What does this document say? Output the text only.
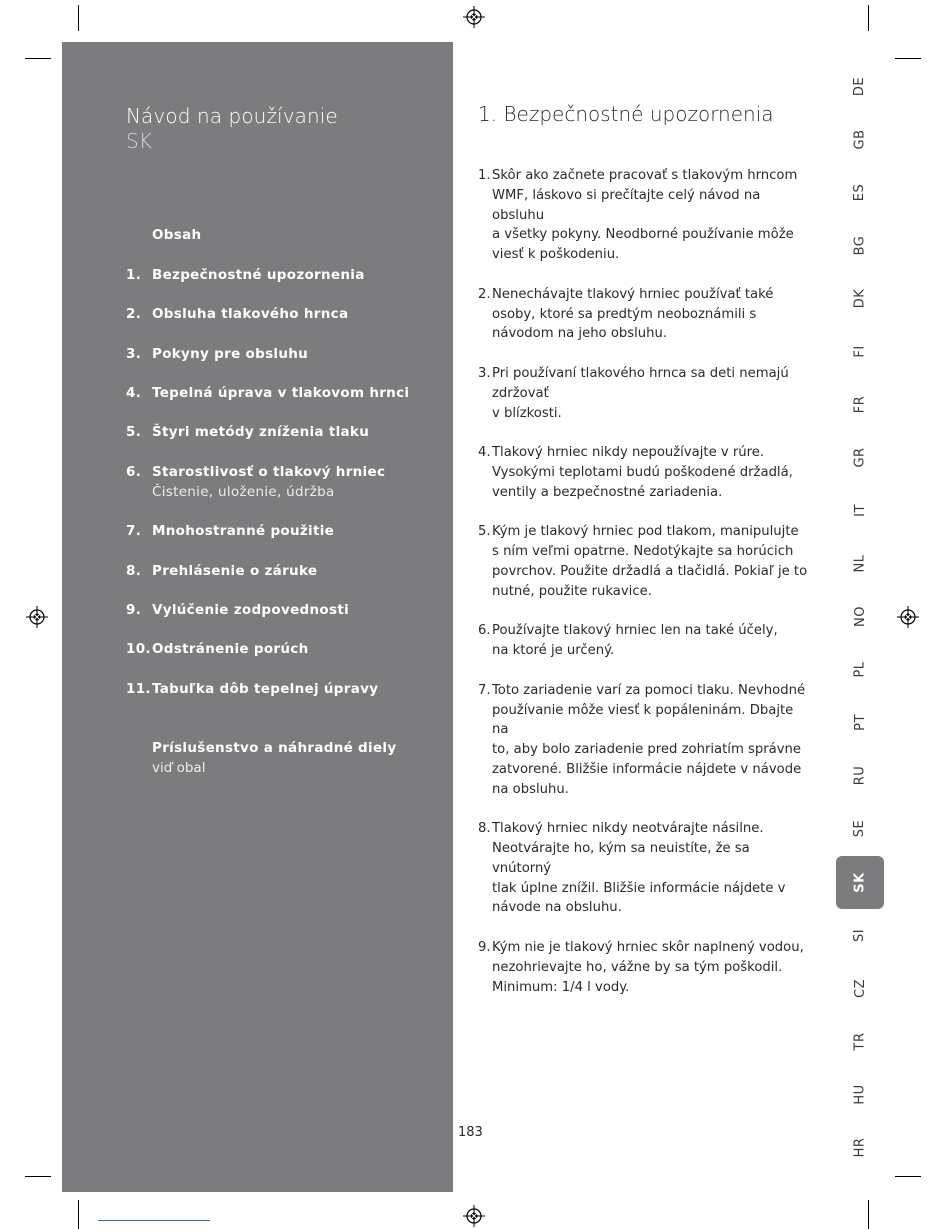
Návod na používanie
SK
Obsah
1. Bezpečnostné upozornenia
2. Obsluha tlakového hrnca
3. Pokyny pre obsluhu
4. Tepelná úprava v tlakovom hrnci
5. Štyri metódy zníženia tlaku
6. Starostlivosť o tlakový hrniec
Čistenie, uloženie, údržba
7. Mnohostranné použitie
8. Prehlásenie o záruke
9. Vylúčenie zodpovednosti
10. Odstránenie porúch
11. Tabuľka dôb tepelnej úpravy
Príslušenstvo a náhradné diely
viď obal
1. Bezpečnostné upozornenia
1. Skôr ako začnete pracovať s tlakovým hrncom
WMF, láskovo si prečítajte celý návod na obsluhu
a všetky pokyny. Neodborné používanie môže
viesť k poškodeniu.
2. Nenechávajte tlakový hrniec používať také
osoby, ktoré sa predtým neoboznámili s
návodom na jeho obsluhu.
3. Pri používaní tlakového hrnca sa deti nemajú
zdržovať
v blízkosti.
4. Tlakový hrniec nikdy nepoužívajte v rúre.
Vysokými teplotami budú poškodené držadlá,
ventily a bezpečnostné zariadenia.
5. Kým je tlakový hrniec pod tlakom, manipulujte
s ním veľmi opatrne. Nedotýkajte sa horúcich
povrchov. Použite držadlá a tlačidlá. Pokiaľ je to
nutné, použite rukavice.
6. Používajte tlakový hrniec len na také účely,
na ktoré je určený.
7. Toto zariadenie varí za pomoci tlaku. Nevhodné
používanie môže viesť k popáleninám. Dbajte na
to, aby bolo zariadenie pred zohriatím správne
zatvorené. Bližšie informácie nájdete v návode
na obsluhu.
8. Tlakový hrniec nikdy neotvárajte násilne.
Neotvárajte ho, kým sa neuistíte, že sa vnútorný
tlak úplne znížil. Bližšie informácie nájdete v
návode na obsluhu.
9. Kým nie je tlakový hrniec skôr naplnený vodou,
nezohrievajte ho, vážne by sa tým poškodil.
Minimum: 1/4 l vody.
183
DE
GB
ES
BG
DK
FI
FR
GR
IT
NL
NO
PL
PT
RU
SE
SK
SI
CZ
TR
HU
HR
